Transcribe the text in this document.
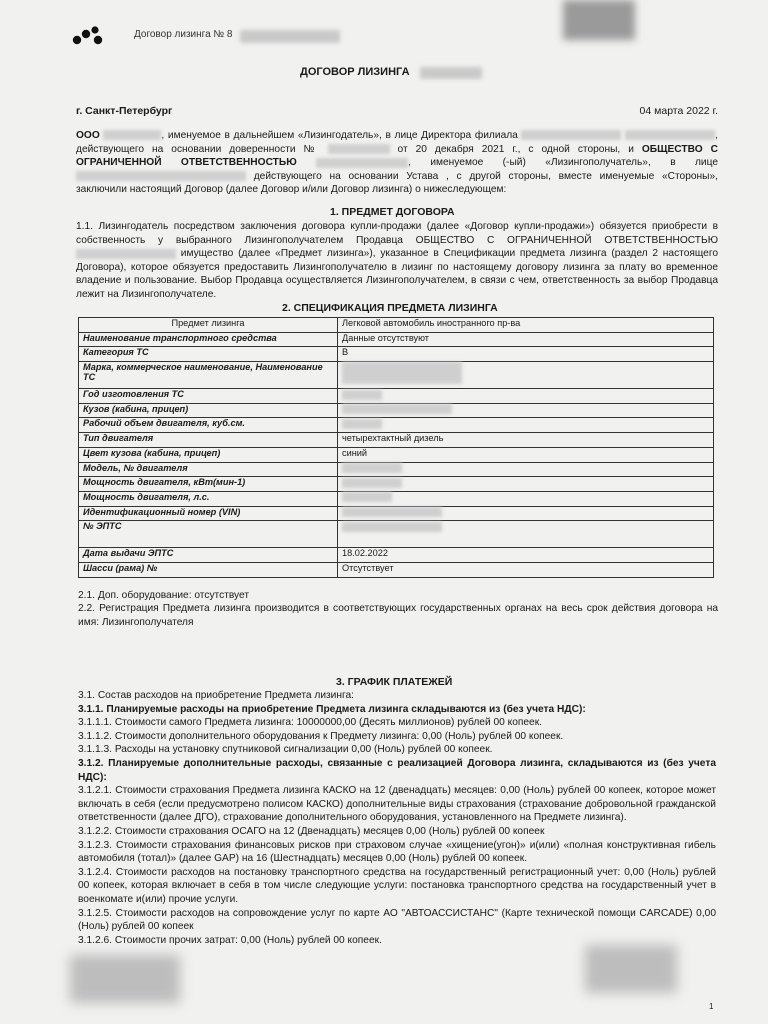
Договор лизинга № 8
ДОГОВОР ЛИЗИНГА
г. Санкт-Петербург	04 марта 2022 г.
ООО	, именуемое в дальнейшем «Лизингодатель», в лице Директора филиала	, действующего на основании доверенности №	от 20 декабря 2021 г., с одной стороны, и ОБЩЕСТВО С ОГРАНИЧЕННОЙ ОТВЕТСТВЕННОСТЬЮ	, именуемое (-ый) «Лизингополучатель», в лице  действующего на основании Устава , с другой стороны, вместе именуемые «Стороны», заключили настоящий Договор (далее Договор и/или Договор лизинга) о нижеследующем:
1. ПРЕДМЕТ ДОГОВОРА
1.1. Лизингодатель посредством заключения договора купли-продажи (далее «Договор купли-продажи») обязуется приобрести в собственность у выбранного Лизингополучателем Продавца ОБЩЕСТВО С ОГРАНИЧЕННОЙ ОТВЕТСТВЕННОСТЬЮ  имущество (далее «Предмет лизинга»), указанное в Спецификации предмета лизинга (раздел 2 настоящего Договора), которое обязуется предоставить Лизингополучателю в лизинг по настоящему договору лизинга за плату во временное владение и пользование. Выбор Продавца осуществляется Лизингополучателем, в связи с чем, ответственность за выбор Продавца лежит на Лизингополучателе.
2. СПЕЦИФИКАЦИЯ ПРЕДМЕТА ЛИЗИНГА
Предмет лизинга	Легковой автомобиль иностранного пр-ва
Наименование транспортного средства	Данные отсутствуют
Категория ТС	B
Марка, коммерческое наименование, Наименование ТС	
Год изготовления ТС	
Кузов (кабина, прицеп)	
Рабочий объем двигателя, куб.см.	
Тип двигателя	четырехтактный дизель
Цвет кузова (кабина, прицеп)	синий
Модель, № двигателя	
Мощность двигателя, кВт(мин-1)	
Мощность двигателя, л.с.	
Идентификационный номер (VIN)	
№ ЭПТС	
Дата выдачи ЭПТС	18.02.2022
Шасси (рама) №	Отсутствует
2.1. Доп. оборудование: отсутствует
2.2. Регистрация Предмета лизинга производится в соответствующих государственных органах на весь срок действия договора на имя: Лизингополучателя
3. ГРАФИК ПЛАТЕЖЕЙ

3.1. Состав расходов на приобретение Предмета лизинга:

3.1.1. Планируемые расходы на приобретение Предмета лизинга складываются из (без учета НДС):

3.1.1.1. Стоимости самого Предмета лизинга: 10000000,00 (Десять миллионов) рублей 00 копеек.

3.1.1.2. Стоимости дополнительного оборудования к Предмету лизинга: 0,00 (Ноль) рублей 00 копеек.

3.1.1.3. Расходы на установку спутниковой сигнализации 0,00 (Ноль) рублей 00 копеек.

3.1.2. Планируемые дополнительные расходы, связанные с реализацией Договора лизинга, складываются из (без учета НДС):

3.1.2.1. Стоимости страхования Предмета лизинга КАСКО на 12 (двенадцать) месяцев: 0,00 (Ноль) рублей 00 копеек, которое может включать в себя (если предусмотрено полисом КАСКО) дополнительные виды страхования (страхование добровольной гражданской ответственности (далее ДГО), страхование дополнительного оборудования, установленного на Предмете лизинга).

3.1.2.2. Стоимости страхования ОСАГО на 12 (Двенадцать) месяцев 0,00 (Ноль) рублей 00 копеек

3.1.2.3. Стоимости страхования финансовых рисков при страховом случае «хищение(угон)» и(или) «полная конструктивная гибель автомобиля (тотал)» (далее GAP) на 16 (Шестнадцать) месяцев 0,00 (Ноль) рублей 00 копеек.

3.1.2.4. Стоимости расходов на постановку транспортного средства на государственный регистрационный учет: 0,00 (Ноль) рублей 00 копеек, которая включает в себя в том числе следующие услуги: постановка транспортного средства на государственный учет в военкомате и(или) прочие услуги.

3.1.2.5. Стоимости расходов на сопровождение услуг по карте АО "АВТОАССИСТАНС" (Карте технической помощи CARCADE) 0,00 (Ноль) рублей 00 копеек

3.1.2.6. Стоимости прочих затрат: 0,00 (Ноль) рублей 00 копеек.

1
